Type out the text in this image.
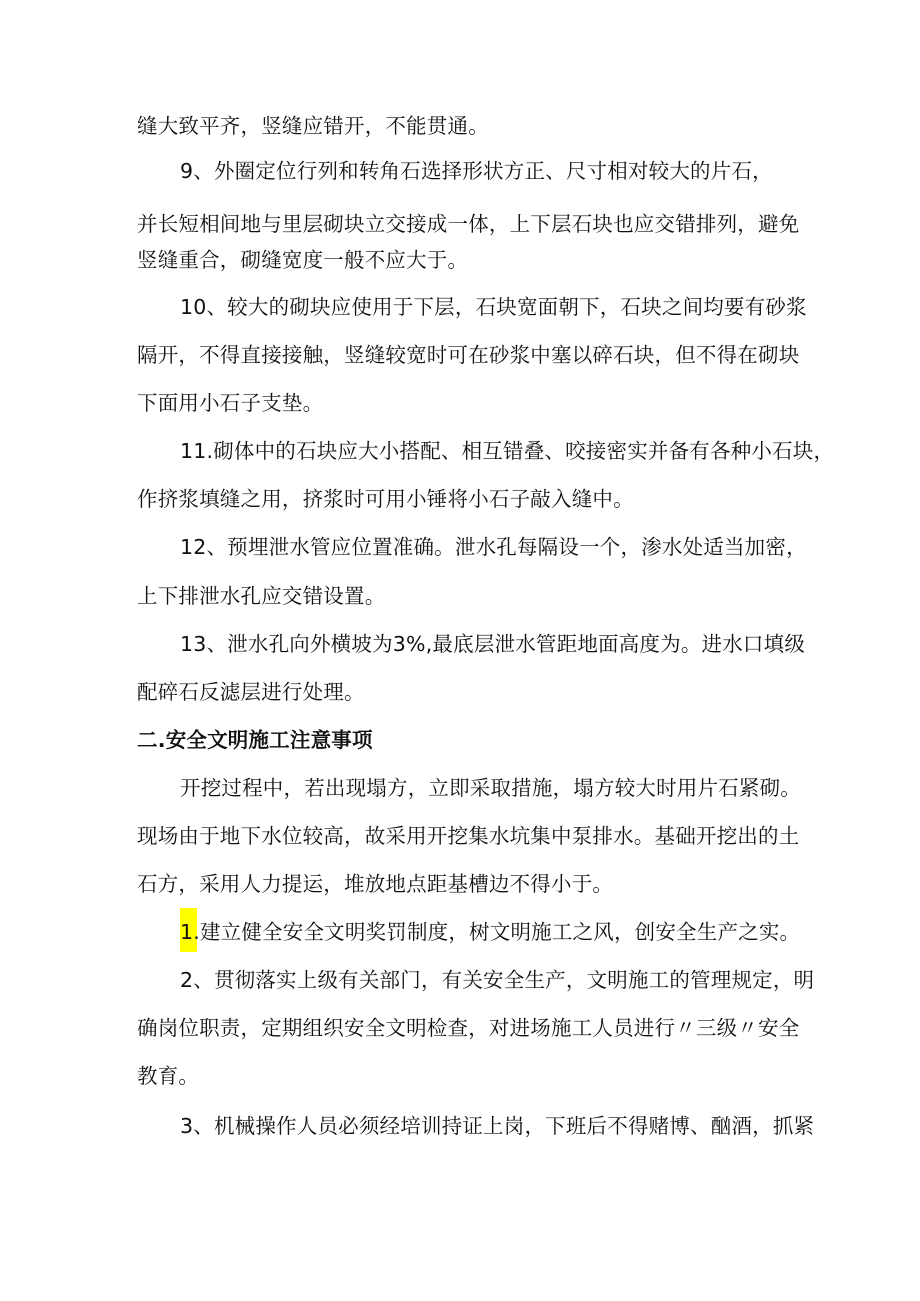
缝大致平齐，竖缝应错开，不能贯通。
9、外圈定位行列和转角石选择形状方正、尺寸相对较大的片石，
并长短相间地与里层砌块立交接成一体，上下层石块也应交错排列，避免
竖缝重合，砌缝宽度一般不应大于。
10、较大的砌块应使用于下层，石块宽面朝下，石块之间均要有砂浆
隔开，不得直接接触，竖缝较宽时可在砂浆中塞以碎石块，但不得在砌块
下面用小石子支垫。
11.砌体中的石块应大小搭配、相互错叠、咬接密实并备有各种小石块，
作挤浆填缝之用，挤浆时可用小锤将小石子敲入缝中。
12、预埋泄水管应位置准确。泄水孔每隔设一个，渗水处适当加密，
上下排泄水孔应交错设置。
13、泄水孔向外横坡为3%,最底层泄水管距地面高度为。进水口填级
配碎石反滤层进行处理。
二.安全文明施工注意事项
开挖过程中，若出现塌方，立即采取措施，塌方较大时用片石紧砌。
现场由于地下水位较高，故采用开挖集水坑集中泵排水。基础开挖出的土
石方，采用人力提运，堆放地点距基槽边不得小于。
1.建立健全安全文明奖罚制度，树文明施工之风，创安全生产之实。
2、贯彻落实上级有关部门，有关安全生产，文明施工的管理规定，明
确岗位职责，定期组织安全文明检查，对进场施工人员进行〃三级〃安全
教育。
3、机械操作人员必须经培训持证上岗，下班后不得赌博、酗酒，抓紧
